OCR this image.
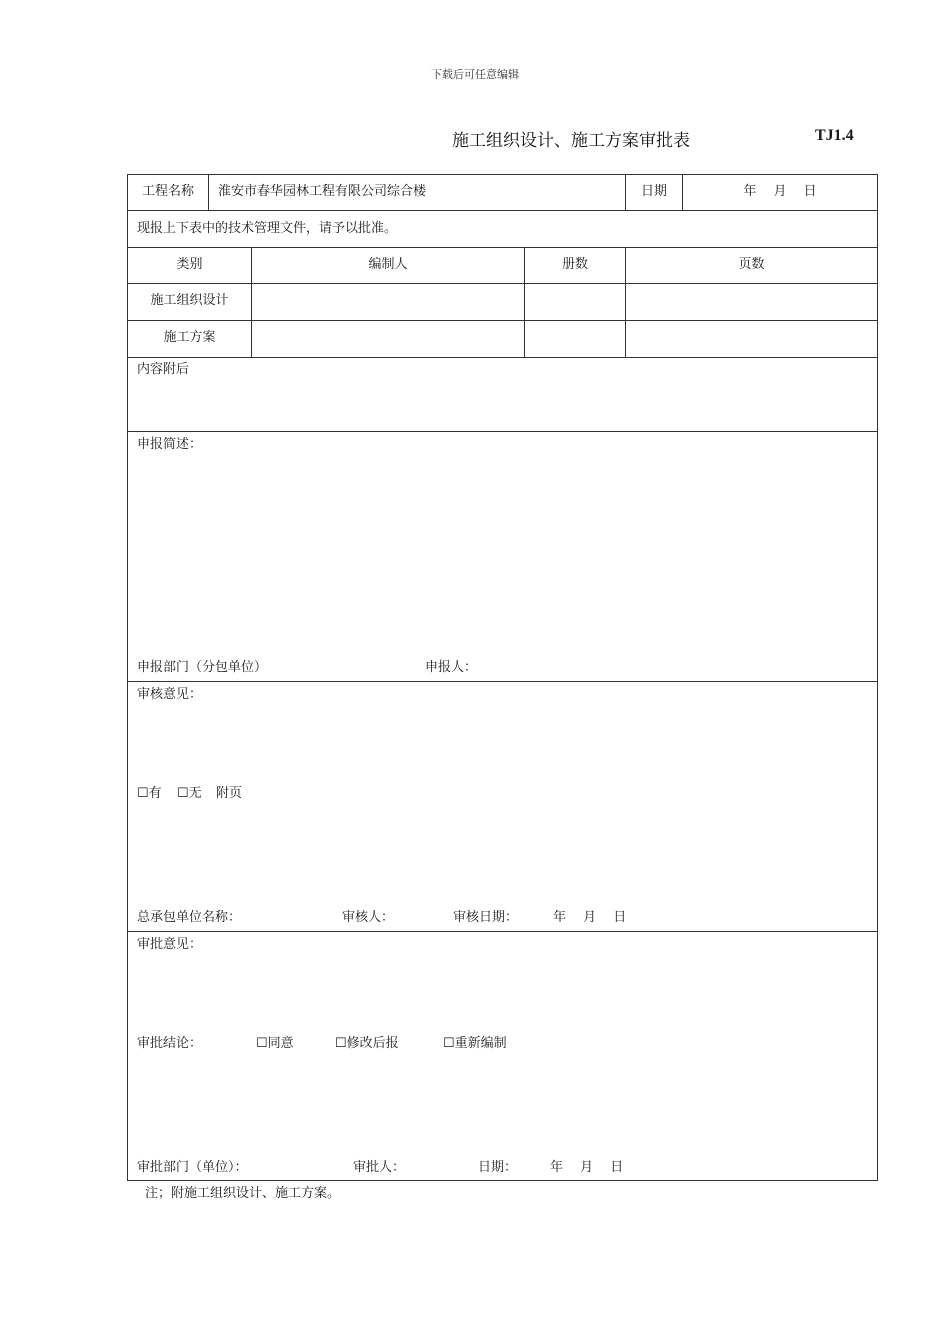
下载后可任意编辑
施工组织设计、施工方案审批表	TJ1.4
工程名称	淮安市春华园林工程有限公司综合楼	日期	年　 月　 日
现报上下表中的技术管理文件，请予以批准。
类别	编制人	册数	页数
施工组织设计
施工方案
内容附后
申报简述：
申报部门（分包单位）	申报人：
审核意见：
☐有 ☐无 附页
总承包单位名称：	审核人：	审核日期：	年　 月　 日
审批意见：
审批结论：	☐同意	☐修改后报	☐重新编制
审批部门（单位）：	审批人：	日期：	年　 月　 日
注；附施工组织设计、施工方案。
